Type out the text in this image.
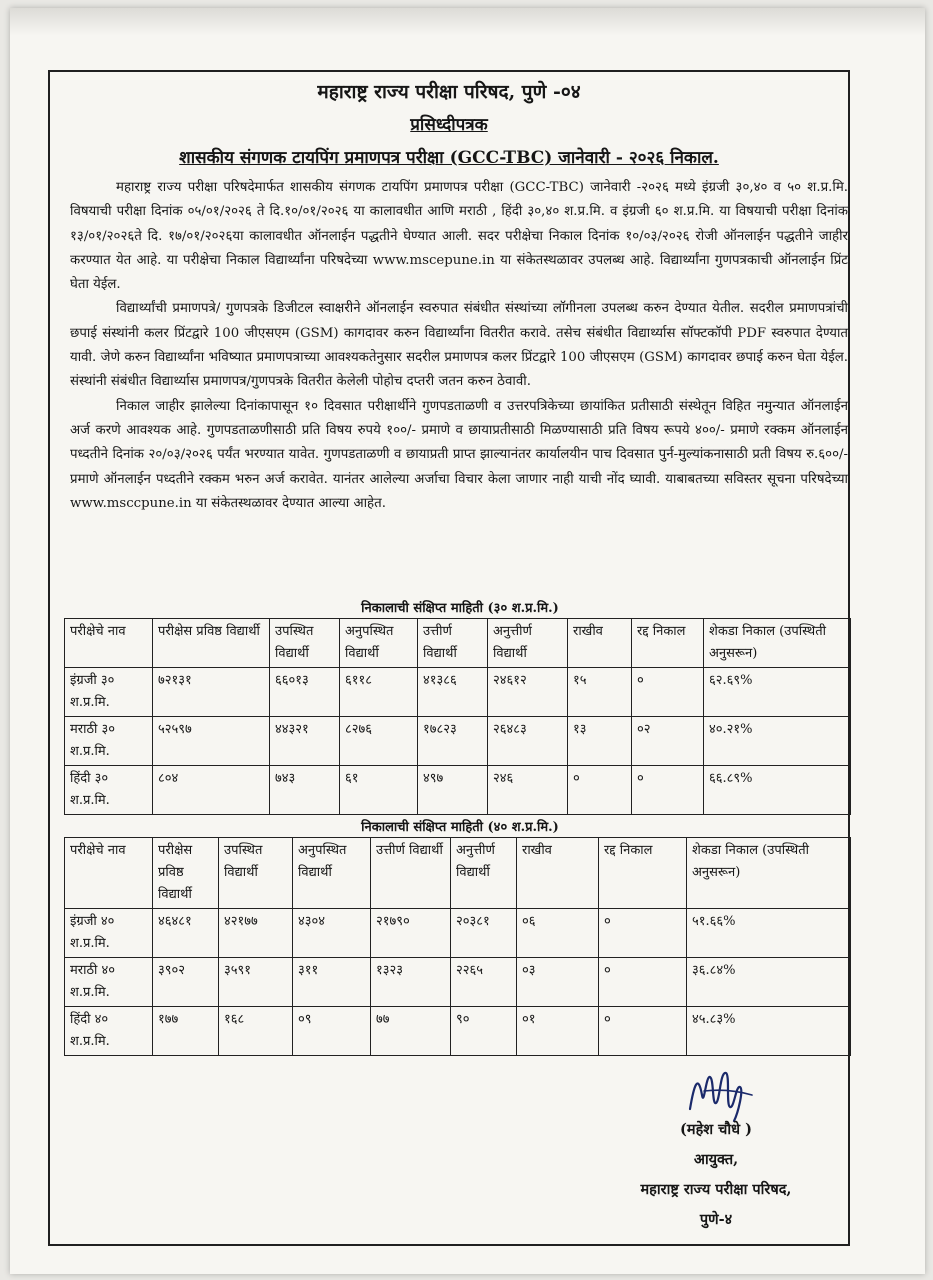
महाराष्ट्र राज्य परीक्षा परिषद, पुणे -०४
प्रसिध्दीपत्रक
शासकीय संगणक टायपिंग प्रमाणपत्र परीक्षा (GCC-TBC) जानेवारी - २०२६ निकाल.

महाराष्ट्र राज्य परीक्षा परिषदेमार्फत शासकीय संगणक टायपिंग प्रमाणपत्र परीक्षा (GCC-TBC) जानेवारी -२०२६ मध्ये इंग्रजी ३०,४० व ५० श.प्र.मि. विषयाची परीक्षा दिनांक ०५/०१/२०२६ ते दि.१०/०१/२०२६ या कालावधीत आणि मराठी , हिंदी ३०,४० श.प्र.मि. व इंग्रजी ६० श.प्र.मि. या विषयाची परीक्षा दिनांक १३/०१/२०२६ते दि. १७/०१/२०२६या कालावधीत ऑनलाईन पद्धतीने घेण्यात आली. सदर परीक्षेचा निकाल दिनांक १०/०३/२०२६ रोजी ऑनलाईन पद्धतीने जाहीर करण्यात येत आहे. या परीक्षेचा निकाल विद्यार्थ्यांना परिषदेच्या www.mscepune.in या संकेतस्थळावर उपलब्ध आहे. विद्यार्थ्यांना गुणपत्रकाची ऑनलाईन प्रिंट घेता येईल.

विद्यार्थ्यांची प्रमाणपत्रे/ गुणपत्रके डिजीटल स्वाक्षरीने ऑनलाईन स्वरुपात संबंधीत संस्थांच्या लॉगीनला उपलब्ध करुन देण्यात येतील. सदरील प्रमाणपत्रांची छपाई संस्थांनी कलर प्रिंटद्वारे 100 जीएसएम (GSM) कागदावर करुन विद्यार्थ्यांना वितरीत करावे. तसेच संबंधीत विद्यार्थ्यास सॉफ्टकॉपी PDF स्वरुपात देण्यात यावी. जेणे करुन विद्यार्थ्यांना भविष्यात प्रमाणपत्राच्या आवश्यकतेनुसार सदरील प्रमाणपत्र कलर प्रिंटद्वारे 100 जीएसएम (GSM) कागदावर छपाई करुन घेता येईल. संस्थांनी संबंधीत विद्यार्थ्यास प्रमाणपत्र/गुणपत्रके वितरीत केलेली पोहोच दप्तरी जतन करुन ठेवावी.

निकाल जाहीर झालेल्या दिनांकापासून १० दिवसात परीक्षार्थीने गुणपडताळणी व उत्तरपत्रिकेच्या छायांकित प्रतीसाठी संस्थेतून विहित नमुन्यात ऑनलाईन अर्ज करणे आवश्यक आहे. गुणपडताळणीसाठी प्रति विषय रुपये १००/- प्रमाणे व छायाप्रतीसाठी मिळण्यासाठी प्रति विषय रूपये ४००/- प्रमाणे रक्कम ऑनलाईन पध्दतीने दिनांक २०/०३/२०२६ पर्यंत भरण्यात यावेत. गुणपडताळणी व छायाप्रती प्राप्त झाल्यानंतर कार्यालयीन पाच दिवसात पुर्न-मुल्यांकनासाठी प्रती विषय रु.६००/- प्रमाणे ऑनलाईन पध्दतीने रक्कम भरुन अर्ज करावेत. यानंतर आलेल्या अर्जाचा विचार केला जाणार नाही याची नोंद घ्यावी. याबाबतच्या सविस्तर सूचना परिषदेच्या www.msccpune.in या संकेतस्थळावर देण्यात आल्या आहेत.

निकालाची संक्षिप्त माहिती (३० श.प्र.मि.)
परीक्षेचे नाव	परीक्षेस प्रविष्ठ विद्यार्थी	उपस्थित विद्यार्थी	अनुपस्थित विद्यार्थी	उत्तीर्ण विद्यार्थी	अनुत्तीर्ण विद्यार्थी	राखीव	रद्द निकाल	शेकडा निकाल (उपस्थिती अनुसरून)
इंग्रजी ३० श.प्र.मि.	७२१३१	६६०१३	६११८	४१३८६	२४६१२	१५	०	६२.६९%
मराठी ३० श.प्र.मि.	५२५९७	४४३२१	८२७६	१७८२३	२६४८३	१३	०२	४०.२१%
हिंदी ३० श.प्र.मि.	८०४	७४३	६१	४९७	२४६	०	०	६६.८९%
निकालाची संक्षिप्त माहिती (४० श.प्र.मि.)
परीक्षेचे नाव	परीक्षेस प्रविष्ठ विद्यार्थी	उपस्थित विद्यार्थी	अनुपस्थित विद्यार्थी	उत्तीर्ण विद्यार्थी	अनुत्तीर्ण विद्यार्थी	राखीव	रद्द निकाल	शेकडा निकाल (उपस्थिती अनुसरून)
इंग्रजी ४० श.प्र.मि.	४६४८१	४२१७७	४३०४	२१७९०	२०३८१	०६	०	५१.६६%
मराठी ४० श.प्र.मि.	३९०२	३५९१	३११	१३२३	२२६५	०३	०	३६.८४%
हिंदी ४० श.प्र.मि.	१७७	१६८	०९	७७	९०	०१	०	४५.८३%
(महेश चौधे )
आयुक्त,
महाराष्ट्र राज्य परीक्षा परिषद,
पुणे-४
